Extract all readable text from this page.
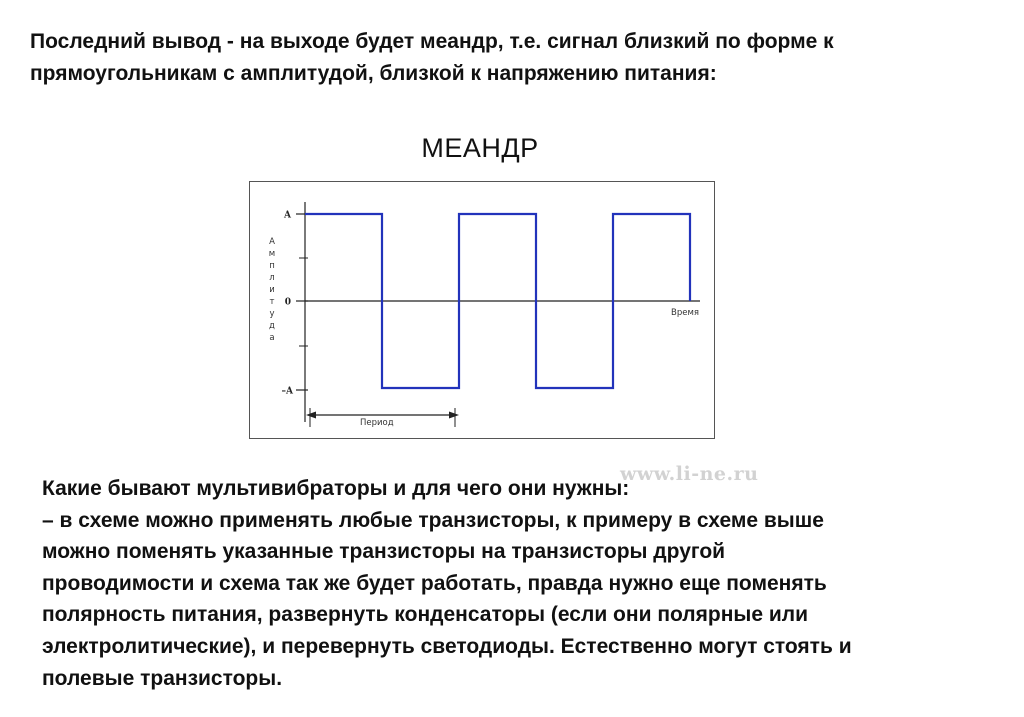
Последний вывод - на выходе будет меандр, т.е. сигнал близкий по форме к
прямоугольникам с амплитудой, близкой к напряжению питания:
МЕАНДР
А
м
п
л
и
т
у
д
а
A
0
–A
Время
Период
www.li-ne.ru

Какие бывают мультивибраторы и для чего они нужны:

– в схеме можно применять любые транзисторы, к примеру в схеме выше

можно поменять указанные транзисторы на транзисторы другой

проводимости и схема так же будет работать, правда нужно еще поменять

полярность питания, развернуть конденсаторы (если они полярные или

электролитические), и перевернуть светодиоды. Естественно могут стоять и

полевые транзисторы.
